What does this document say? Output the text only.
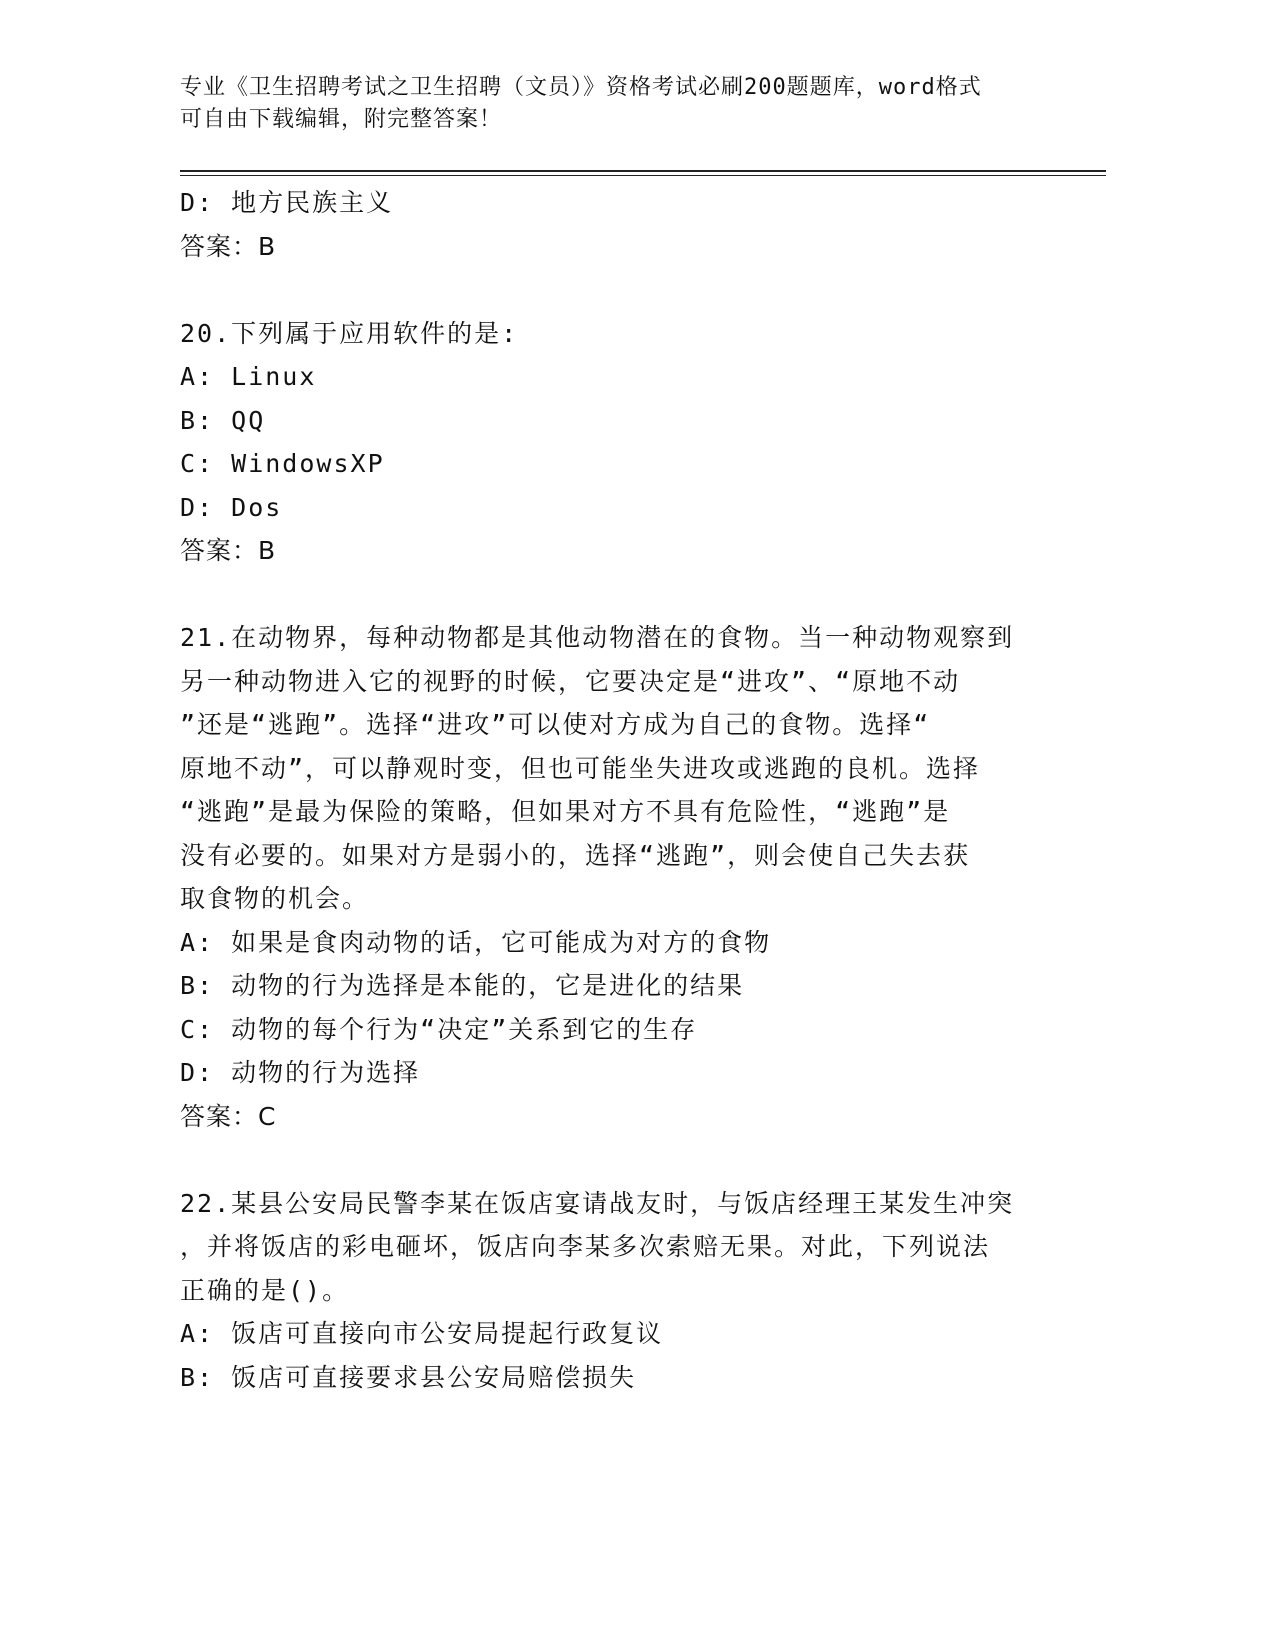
专业《卫生招聘考试之卫生招聘（文员）》资格考试必刷200题题库，word格式
可自由下载编辑，附完整答案！
D: 地方民族主义
答案：B
20.下列属于应用软件的是:
A: Linux
B: QQ
C: WindowsXP
D: Dos
答案：B
21.在动物界，每种动物都是其他动物潜在的食物。当一种动物观察到
另一种动物进入它的视野的时候，它要决定是“进攻”、“原地不动
”还是“逃跑”。选择“进攻”可以使对方成为自己的食物。选择“
原地不动”，可以静观时变，但也可能坐失进攻或逃跑的良机。选择
“逃跑”是最为保险的策略，但如果对方不具有危险性，“逃跑”是
没有必要的。如果对方是弱小的，选择“逃跑”，则会使自己失去获
取食物的机会。
A: 如果是食肉动物的话，它可能成为对方的食物
B: 动物的行为选择是本能的，它是进化的结果
C: 动物的每个行为“决定”关系到它的生存
D: 动物的行为选择
答案：C
22.某县公安局民警李某在饭店宴请战友时，与饭店经理王某发生冲突
，并将饭店的彩电砸坏，饭店向李某多次索赔无果。对此，下列说法
正确的是()。
A: 饭店可直接向市公安局提起行政复议
B: 饭店可直接要求县公安局赔偿损失
